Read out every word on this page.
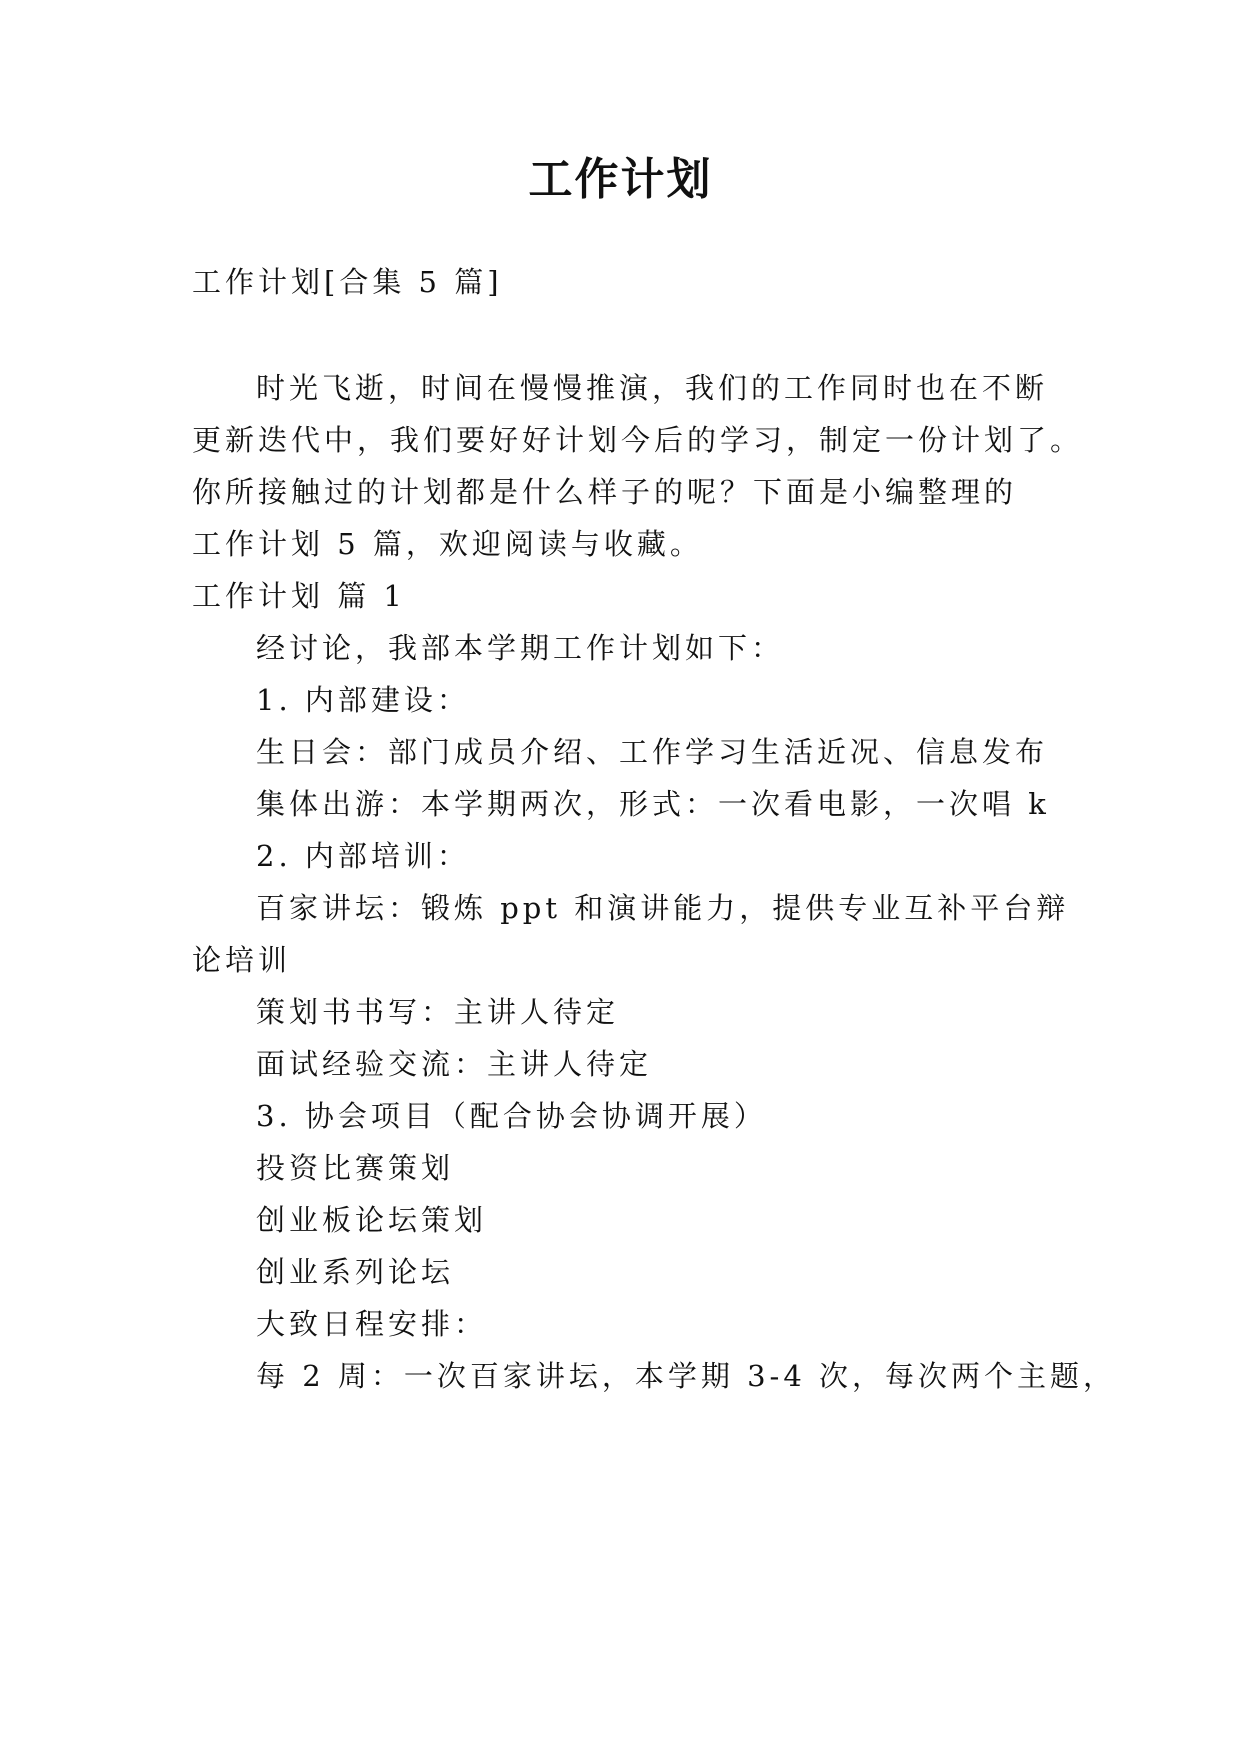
工作计划
工作计划[合集 5 篇]
时光飞逝，时间在慢慢推演，我们的工作同时也在不断
更新迭代中，我们要好好计划今后的学习，制定一份计划了。
你所接触过的计划都是什么样子的呢？下面是小编整理的
工作计划 5 篇，欢迎阅读与收藏。
工作计划 篇 1
经讨论，我部本学期工作计划如下：
1. 内部建设：
生日会：部门成员介绍、工作学习生活近况、信息发布
集体出游：本学期两次，形式：一次看电影，一次唱 k
2. 内部培训：
百家讲坛：锻炼 ppt 和演讲能力，提供专业互补平台辩
论培训
策划书书写：主讲人待定
面试经验交流：主讲人待定
3. 协会项目（配合协会协调开展）
投资比赛策划
创业板论坛策划
创业系列论坛
大致日程安排：
每 2 周：一次百家讲坛，本学期 3-4 次，每次两个主题，
